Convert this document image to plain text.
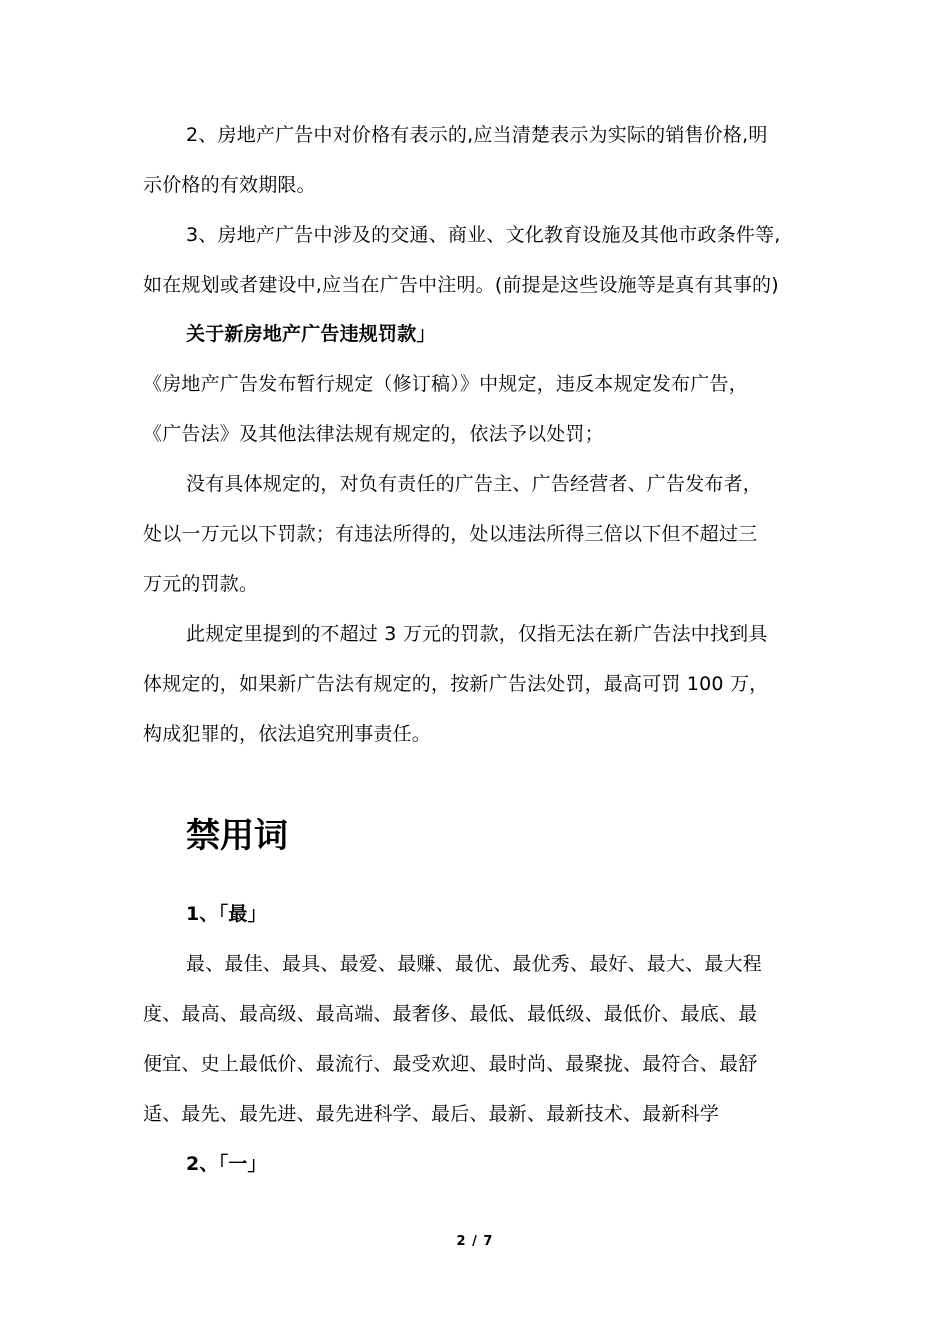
2、房地产广告中对价格有表示的,应当清楚表示为实际的销售价格,明
示价格的有效期限。
3、房地产广告中涉及的交通、商业、文化教育设施及其他市政条件等,
如在规划或者建设中,应当在广告中注明。(前提是这些设施等是真有其事的)
关于新房地产广告违规罚款」
《房地产广告发布暂行规定（修订稿）》中规定，违反本规定发布广告，
《广告法》及其他法律法规有规定的，依法予以处罚；
没有具体规定的，对负有责任的广告主、广告经营者、广告发布者，
处以一万元以下罚款；有违法所得的，处以违法所得三倍以下但不超过三
万元的罚款。
此规定里提到的不超过 3 万元的罚款，仅指无法在新广告法中找到具
体规定的，如果新广告法有规定的，按新广告法处罚，最高可罚 100 万，
构成犯罪的，依法追究刑事责任。
禁用词
1、「最」
最、最佳、最具、最爱、最赚、最优、最优秀、最好、最大、最大程
度、最高、最高级、最高端、最奢侈、最低、最低级、最低价、最底、最
便宜、史上最低价、最流行、最受欢迎、最时尚、最聚拢、最符合、最舒
适、最先、最先进、最先进科学、最后、最新、最新技术、最新科学
2、「一」
2 / 7
